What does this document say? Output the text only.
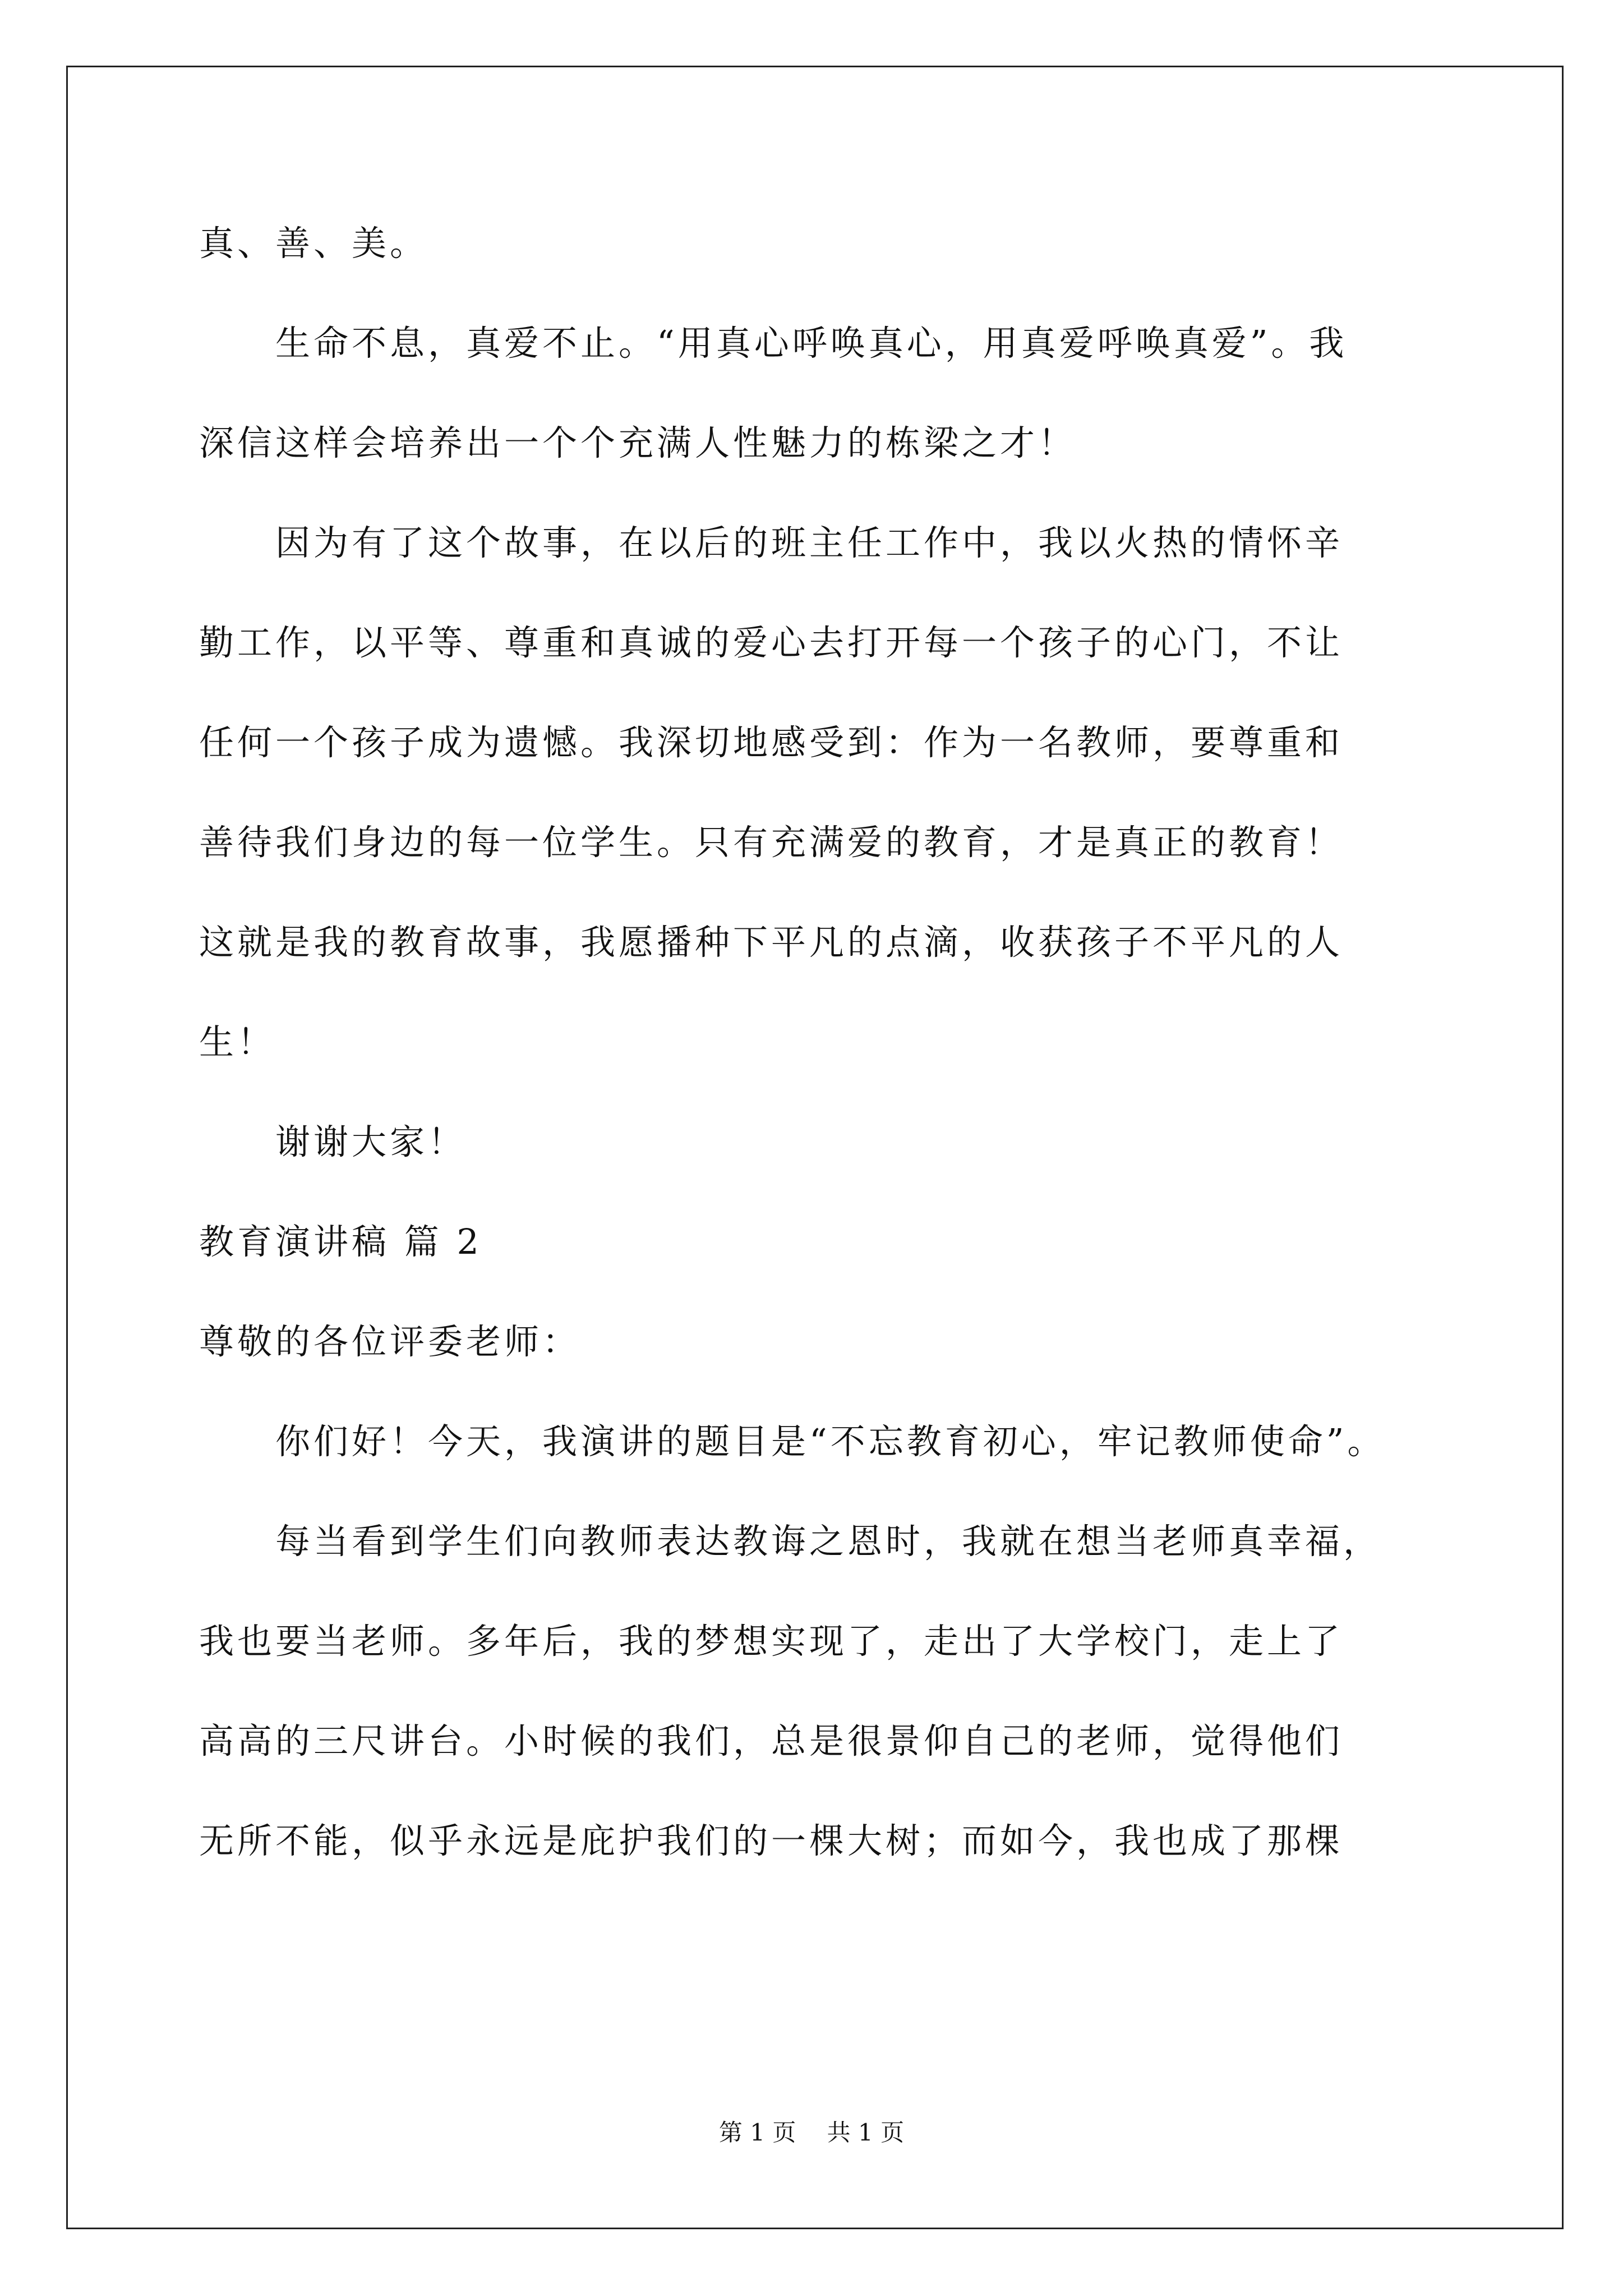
真、善、美。
　　生命不息，真爱不止。“用真心呼唤真心，用真爱呼唤真爱”。我
深信这样会培养出一个个充满人性魅力的栋梁之才！
　　因为有了这个故事，在以后的班主任工作中，我以火热的情怀辛
勤工作，以平等、尊重和真诚的爱心去打开每一个孩子的心门，不让
任何一个孩子成为遗憾。我深切地感受到：作为一名教师，要尊重和
善待我们身边的每一位学生。只有充满爱的教育，才是真正的教育！
这就是我的教育故事，我愿播种下平凡的点滴，收获孩子不平凡的人
生！
　　谢谢大家！
教育演讲稿 篇 2
尊敬的各位评委老师：
　　你们好！今天，我演讲的题目是“不忘教育初心，牢记教师使命”。
　　每当看到学生们向教师表达教诲之恩时，我就在想当老师真幸福，
我也要当老师。多年后，我的梦想实现了，走出了大学校门，走上了
高高的三尺讲台。小时候的我们，总是很景仰自己的老师，觉得他们
无所不能，似乎永远是庇护我们的一棵大树；而如今，我也成了那棵
第 1 页　 共 1 页
